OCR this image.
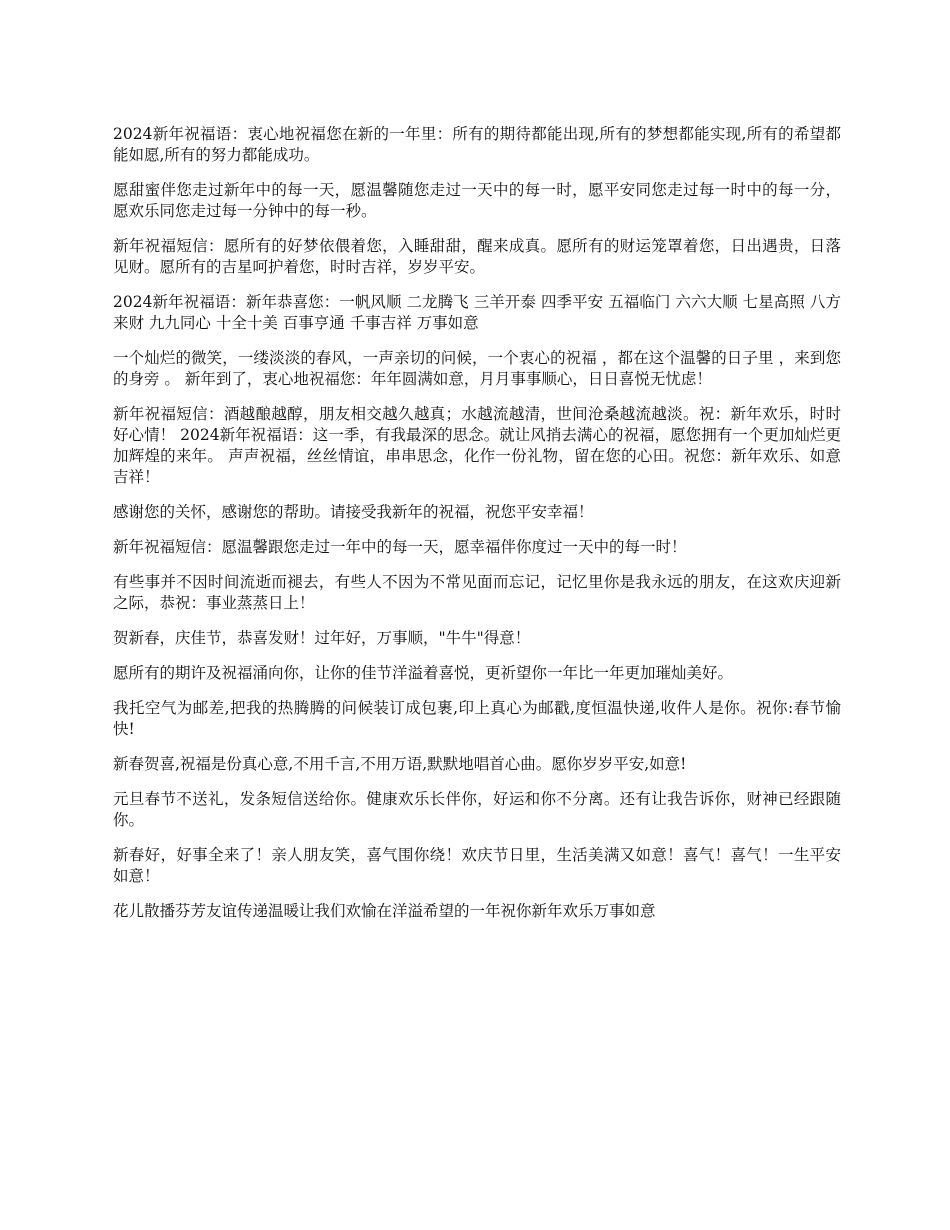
2024新年祝福语：衷心地祝福您在新的一年里：所有的期待都能出现,所有的梦想都能实现,所有的希望都能如愿,所有的努力都能成功。

愿甜蜜伴您走过新年中的每一天，愿温馨随您走过一天中的每一时，愿平安同您走过每一时中的每一分，愿欢乐同您走过每一分钟中的每一秒。

新年祝福短信：愿所有的好梦依偎着您，入睡甜甜，醒来成真。愿所有的财运笼罩着您，日出遇贵，日落见财。愿所有的吉星呵护着您，时时吉祥，岁岁平安。

2024新年祝福语：新年恭喜您：一帆风顺 二龙腾飞 三羊开泰 四季平安 五福临门 六六大顺 七星高照 八方来财 九九同心 十全十美 百事亨通 千事吉祥 万事如意

一个灿烂的微笑，一缕淡淡的春风，一声亲切的问候，一个衷心的祝福 ，都在这个温馨的日子里 ，来到您的身旁 。 新年到了，衷心地祝福您：年年圆满如意，月月事事顺心，日日喜悦无忧虑！

新年祝福短信：酒越酿越醇，朋友相交越久越真；水越流越清，世间沧桑越流越淡。祝：新年欢乐，时时好心情！ 2024新年祝福语：这一季，有我最深的思念。就让风捎去满心的祝福，愿您拥有一个更加灿烂更加辉煌的来年。 声声祝福，丝丝情谊，串串思念，化作一份礼物，留在您的心田。祝您：新年欢乐、如意吉祥！

感谢您的关怀，感谢您的帮助。请接受我新年的祝福，祝您平安幸福！

新年祝福短信：愿温馨跟您走过一年中的每一天，愿幸福伴你度过一天中的每一时！

有些事并不因时间流逝而褪去，有些人不因为不常见面而忘记，记忆里你是我永远的朋友，在这欢庆迎新之际，恭祝：事业蒸蒸日上！

贺新春，庆佳节，恭喜发财！过年好，万事顺，"牛牛"得意！

愿所有的期许及祝福涌向你，让你的佳节洋溢着喜悦，更祈望你一年比一年更加璀灿美好。

我托空气为邮差,把我的热腾腾的问候装订成包裹,印上真心为邮戳,度恒温快递,收件人是你。祝你:春节愉快!

新春贺喜,祝福是份真心意,不用千言,不用万语,默默地唱首心曲。愿你岁岁平安,如意!

元旦春节不送礼，发条短信送给你。健康欢乐长伴你，好运和你不分离。还有让我告诉你，财神已经跟随你。

新春好，好事全来了！亲人朋友笑，喜气围你绕！欢庆节日里，生活美满又如意！喜气！喜气！一生平安如意！

花儿散播芬芳友谊传递温暖让我们欢愉在洋溢希望的一年祝你新年欢乐万事如意
